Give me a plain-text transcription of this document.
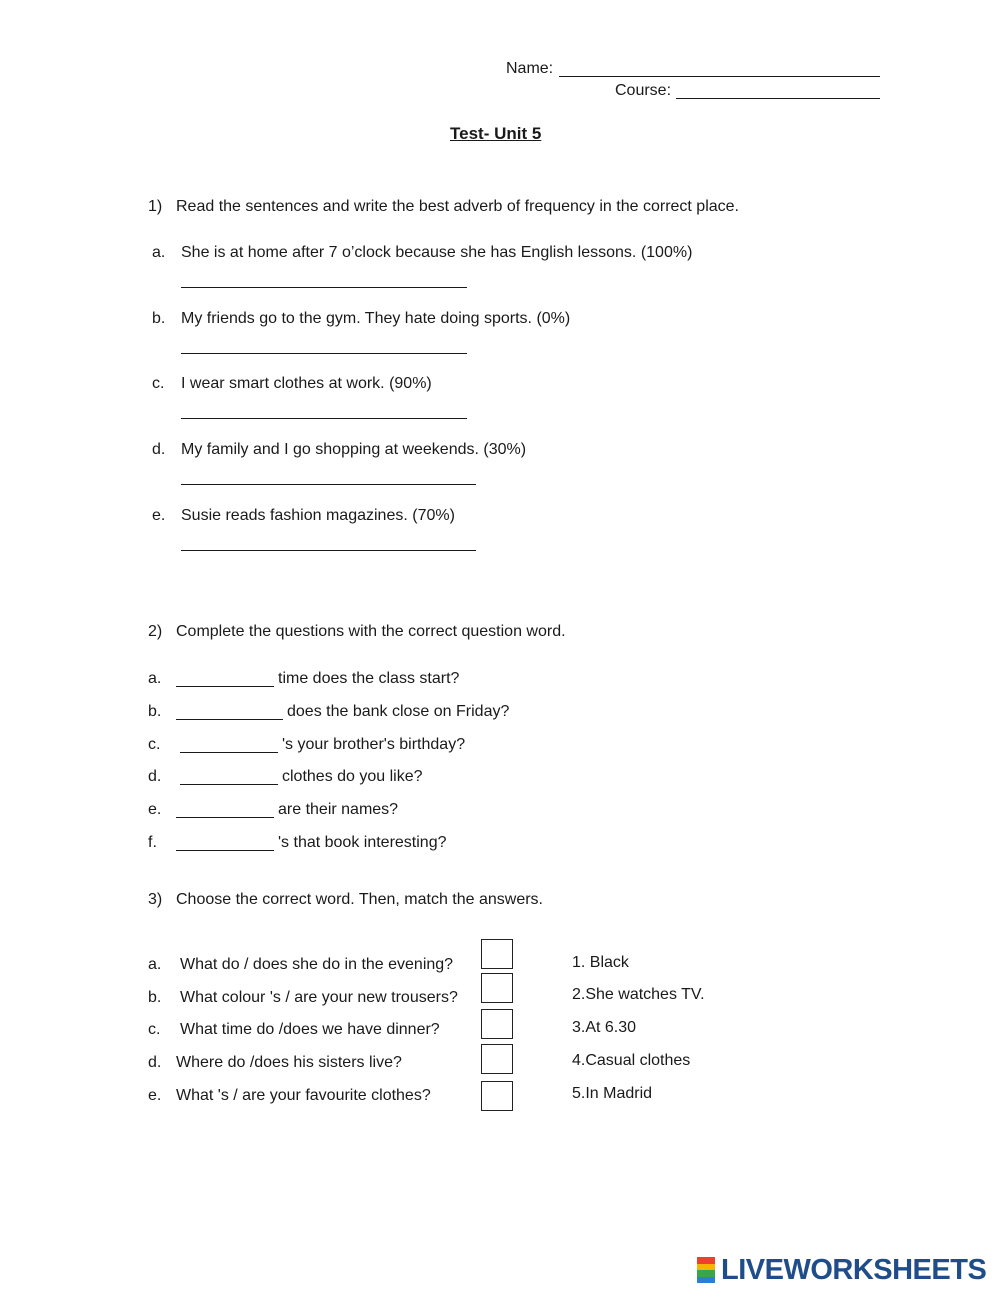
Name:
Course:
Test- Unit 5
1) Read the sentences and write the best adverb of frequency in the correct place.
a. She is at home after 7 o’clock because she has English lessons. (100%)
b. My friends go to the gym. They hate doing sports. (0%)
c. I wear smart clothes at work. (90%)
d. My family and I go shopping at weekends. (30%)
e. Susie reads fashion magazines. (70%)
2) Complete the questions with the correct question word.
a.	time does the class start?
b.	does the bank close on Friday?
c.	's your brother's birthday?
d.	clothes do you like?
e.	are their names?
f.	's that book interesting?
3) Choose the correct word. Then, match the answers.
a. What do / does she do in the evening?
b. What colour 's / are your new trousers?
c. What time do /does we have dinner?
d. Where do /does his sisters live?
e. What 's / are your favourite clothes?
1. Black
2.She watches TV.
3.At 6.30
4.Casual clothes
5.In Madrid
LIVEWORKSHEETS
